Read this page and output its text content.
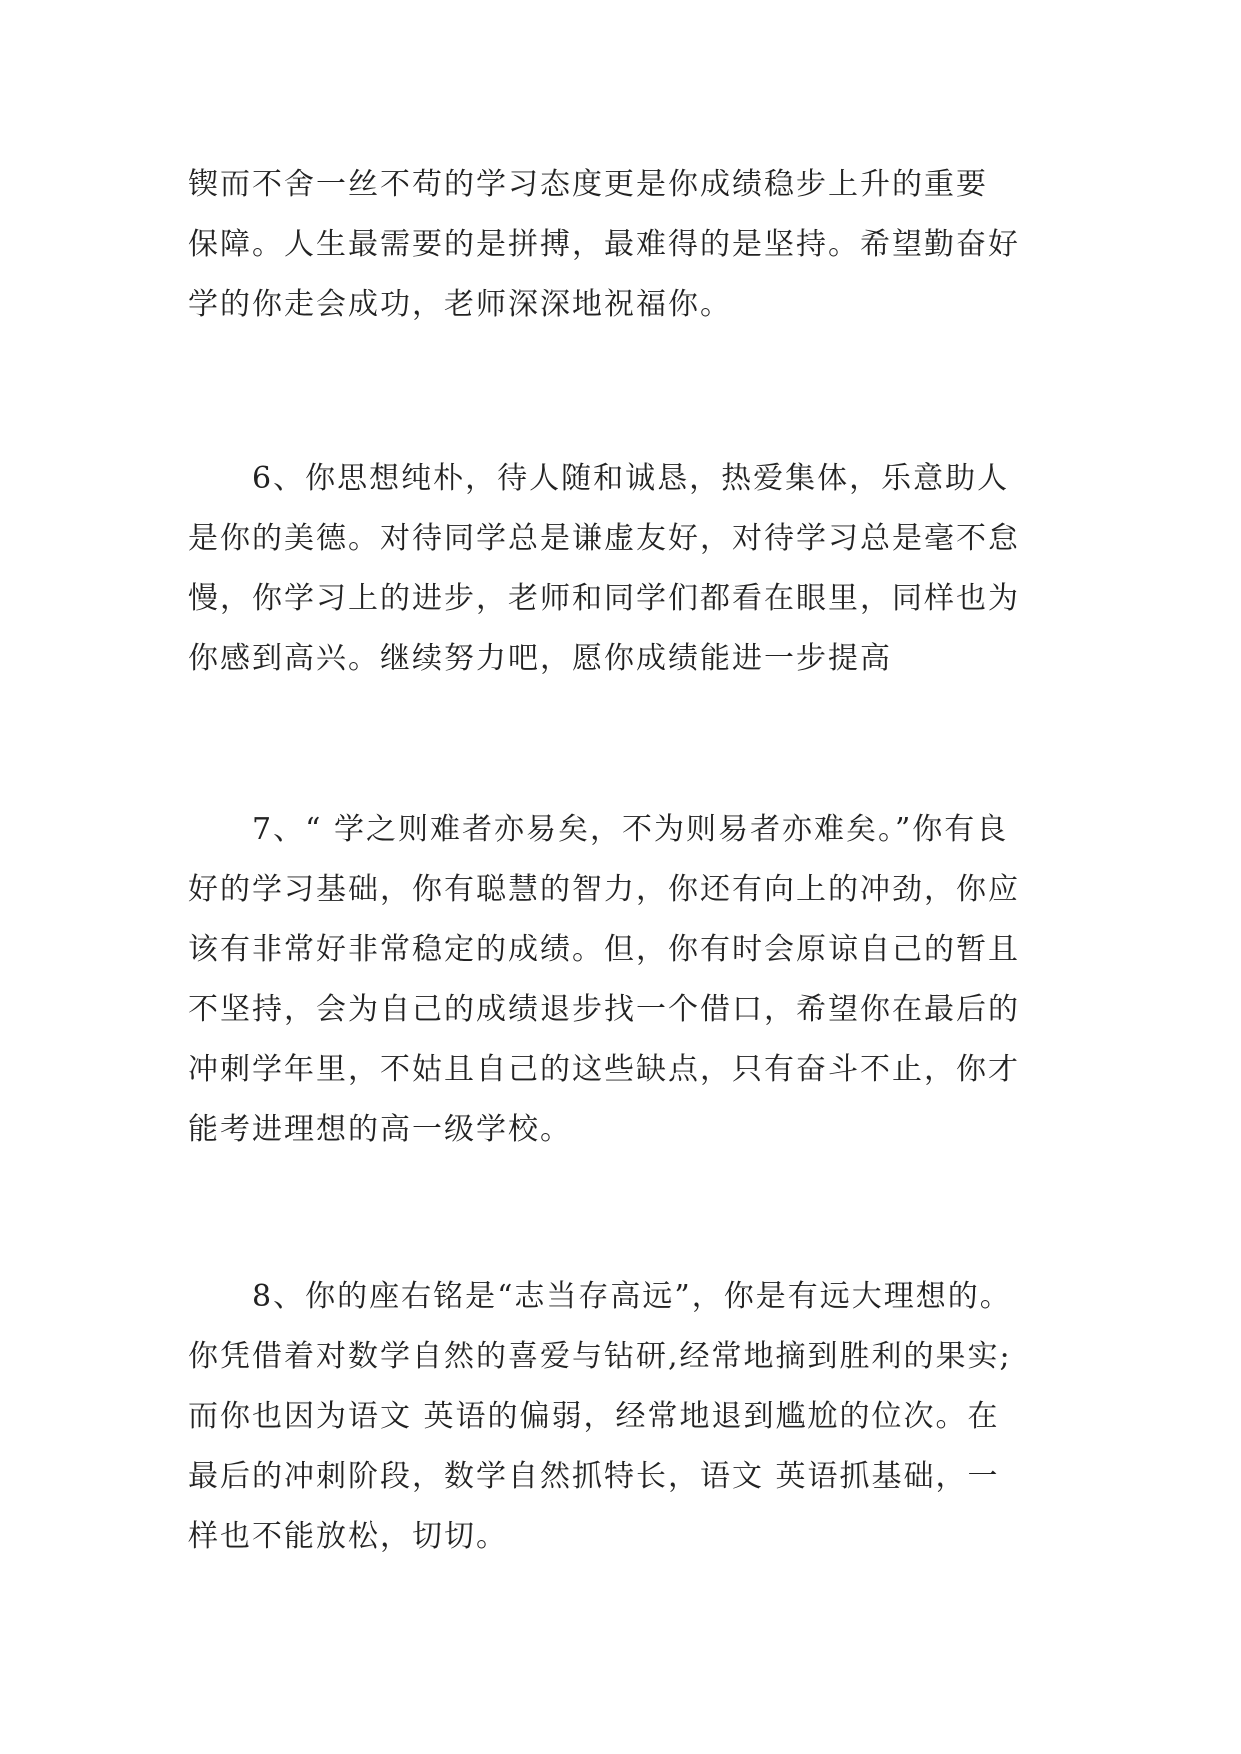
锲而不舍一丝不苟的学习态度更是你成绩稳步上升的重要
保障。人生最需要的是拼搏，最难得的是坚持。希望勤奋好
学的你走会成功，老师深深地祝福你。

6、你思想纯朴，待人随和诚恳，热爱集体，乐意助人
是你的美德。对待同学总是谦虚友好，对待学习总是毫不怠
慢，你学习上的进步，老师和同学们都看在眼里，同样也为
你感到高兴。继续努力吧，愿你成绩能进一步提高

7、“ 学之则难者亦易矣，不为则易者亦难矣。”你有良
好的学习基础，你有聪慧的智力，你还有向上的冲劲，你应
该有非常好非常稳定的成绩。但，你有时会原谅自己的暂且
不坚持，会为自己的成绩退步找一个借口，希望你在最后的
冲刺学年里，不姑且自己的这些缺点，只有奋斗不止，你才
能考进理想的高一级学校。

8、你的座右铭是“志当存高远”，你是有远大理想的。
你凭借着对数学自然的喜爱与钻研,经常地摘到胜利的果实;
而你也因为语文 英语的偏弱，经常地退到尴尬的位次。在
最后的冲刺阶段，数学自然抓特长，语文 英语抓基础，一
样也不能放松，切切。
